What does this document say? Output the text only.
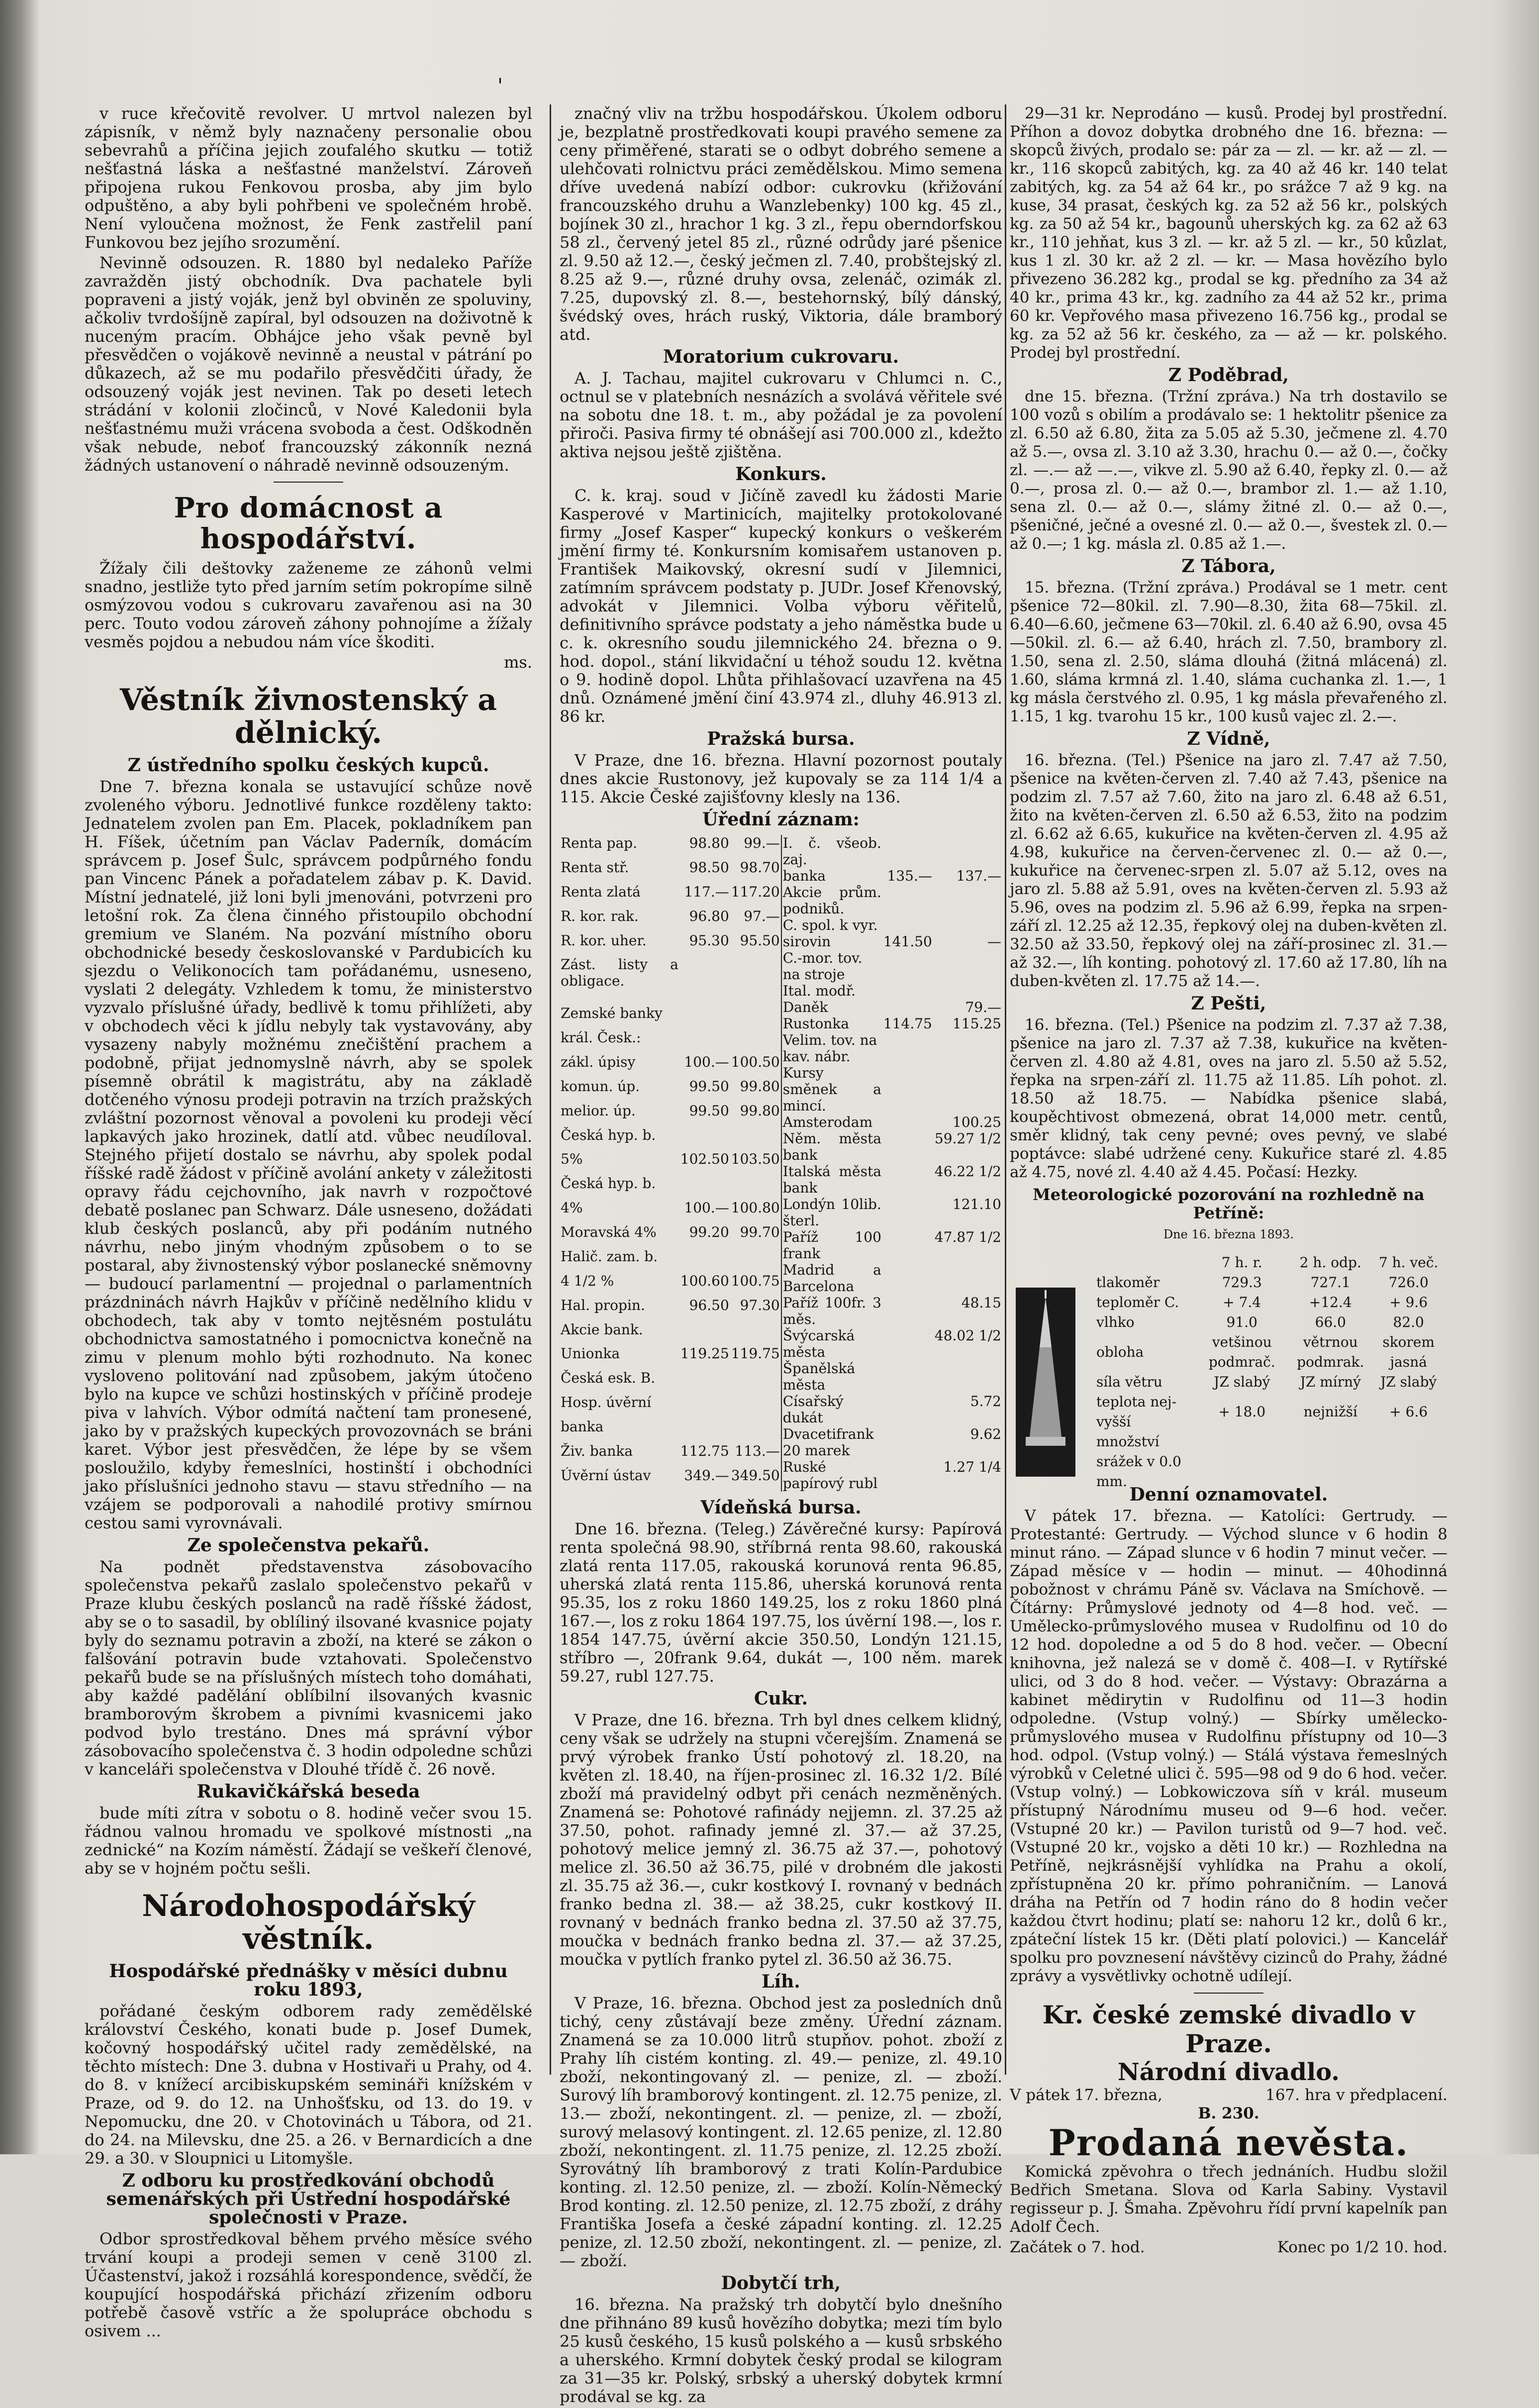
'

v ruce křečovitě revolver. U mrtvol nalezen byl zápisník, v němž byly naznačeny personalie obou sebevrahů a příčina jejich zoufalého skutku — totiž nešťastná láska a nešťastné manželství. Zároveň připojena rukou Fenkovou prosba, aby jim bylo odpuštěno, a aby byli pohřbeni ve společném hrobě. Není vyloučena možnost, že Fenk zastřelil paní Funkovou bez jejího srozumění.

Nevinně odsouzen. R. 1880 byl nedaleko Paříže zavražděn jistý obchodník. Dva pachatele byli popraveni a jistý voják, jenž byl obviněn ze spoluviny, ačkoliv tvrdošíjně zapíral, byl odsouzen na doživotně k nuceným pracím. Obhájce jeho však pevně byl přesvědčen o vojákově nevinně a neustal v pátrání po důkazech, až se mu podařilo přesvědčiti úřady, že odsouzený voják jest nevinen. Tak po deseti letech strádání v kolonii zločinců, v Nové Kaledonii byla nešťastnému muži vrácena svoboda a čest. Odškodněn však nebude, neboť francouzský zákonník nezná žádných ustanovení o náhradě nevinně odsouzeným.

Pro domácnost a hospodářství.

Žížaly čili deštovky zaženeme ze záhonů velmi snadno, jestliže tyto před jarním setím pokropíme silně osmýzovou vodou s cukrovaru zavařenou asi na 30 perc. Touto vodou zároveň záhony pohnojíme a žížaly vesměs pojdou a nebudou nám více škoditi.

ms.
Věstník živnostenský a dělnický.
Z ústředního spolku českých kupců.

Dne 7. března konala se ustavující schůze nově zvoleného výboru. Jednotlivé funkce rozděleny takto: Jednatelem zvolen pan Em. Placek, pokladníkem pan H. Fíšek, účetním pan Václav Paderník, domácím správcem p. Josef Šulc, správcem podpůrného fondu pan Vincenc Pánek a pořadatelem zábav p. K. David. Místní jednatelé, již loni byli jmenováni, potvrzeni pro letošní rok. Za člena činného přistoupilo obchodní gremium ve Slaném. Na pozvání místního oboru obchodnické besedy českoslovanské v Pardubicích ku sjezdu o Velikonocích tam pořádanému, usneseno, vyslati 2 delegáty. Vzhledem k tomu, že ministerstvo vyzvalo příslušné úřady, bedlivě k tomu přihlížeti, aby v obchodech věci k jídlu nebyly tak vystavovány, aby vysazeny nabyly možnému znečištění prachem a podobně, přijat jednomyslně návrh, aby se spolek písemně obrátil k magistrátu, aby na základě dotčeného výnosu prodeji potravin na trzích pražských zvláštní pozornost věnoval a povoleni ku prodeji věcí lapkavých jako hrozinek, datlí atd. vůbec neudíloval. Stejného přijetí dostalo se návrhu, aby spolek podal říšské radě žádost v příčině avolání ankety v záležitosti opravy řádu cejchovního, jak navrh v rozpočtové debatě poslanec pan Schwarz. Dále usneseno, dožádati klub českých poslanců, aby při podáním nutného návrhu, nebo jiným vhodným způsobem o to se postaral, aby živnostenský výbor poslanecké sněmovny — budoucí parlamentní — projednal o parlamentních prázdninách návrh Hajkův v příčině nedělního klidu v obchodech, tak aby v tomto nejtěsném postulátu obchodnictva samostatného i pomocnictva konečně na zimu v plenum mohlo býti rozhodnuto. Na konec vysloveno politování nad způsobem, jakým útočeno bylo na kupce ve schůzi hostinských v příčině prodeje piva v lahvích. Výbor odmítá načtení tam pronesené, jako by v pražských kupeckých provozovnách se bráni karet. Výbor jest přesvědčen, že lépe by se všem posloužilo, kdyby řemeslníci, hostinští i obchodníci jako příslušníci jednoho stavu — stavu středního — na vzájem se podporovali a nahodilé protivy smírnou cestou sami vyrovnávali.

Ze společenstva pekařů.

Na podnět představenstva zásobovacího společenstva pekařů zaslalo společenstvo pekařů v Praze klubu českých poslanců na radě říšské žádost, aby se o to sasadil, by oblíliný ilsované kvasnice pojaty byly do seznamu potravin a zboží, na které se zákon o falšování potravin bude vztahovati. Společenstvo pekařů bude se na příslušných místech toho domáhati, aby každé padělání oblíbilní ilsovaných kvasnic bramborovým škrobem a pivními kvasnicemi jako podvod bylo trestáno. Dnes má správní výbor zásobovacího společenstva č. 3 hodin odpoledne schůzi v kanceláři společenstva v Dlouhé třídě č. 26 nově.

Rukavičkářská beseda

bude míti zítra v sobotu o 8. hodině večer svou 15. řádnou valnou hromadu ve spolkové místnosti „na zednické“ na Kozím náměstí. Žádají se veškeří členové, aby se v hojném počtu sešli.

Národohospodářský věstník.
Hospodářské přednášky v měsíci dubnu roku 1893,

pořádané českým odborem rady zemědělské království Českého, konati bude p. Josef Dumek, kočovný hospodářský učitel rady zemědělské, na těchto místech: Dne 3. dubna v Hostivaři u Prahy, od 4. do 8. v knížecí arcibiskupském semináři knížském v Praze, od 9. do 12. na Unhošťsku, od 13. do 19. v Nepomucku, dne 20. v Chotovinách u Tábora, od 21. do 24. na Milevsku, dne 25. a 26. v Bernardicích a dne 29. a 30. v Sloupnici u Litomyšle.

Z odboru ku prostředkování obchodů semenářských při Ústřední hospodářské společnosti v Praze.

Odbor sprostředkoval během prvého měsíce svého trvání koupi a prodeji semen v ceně 3100 zl. Účastenství, jakož i rozsáhlá korespondence, svědčí, že koupující hospodářská přichází zřizením odboru potřebě časově vstříc a že spolupráce obchodu s osivem ...

značný vliv na tržbu hospodářskou. Úkolem odboru je, bezplatně prostředkovati koupi pravého semene za ceny přiměřené, starati se o odbyt dobrého semene a ulehčovati rolnictvu práci zemědělskou. Mimo semena dříve uvedená nabízí odbor: cukrovku (křižování francouzského druhu a Wanzlebenky) 100 kg. 45 zl., bojínek 30 zl., hrachor 1 kg. 3 zl., řepu oberndorfskou 58 zl., červený jetel 85 zl., různé odrůdy jaré pšenice zl. 9.50 až 12.—, český ječmen zl. 7.40, probštejský zl. 8.25 až 9.—, různé druhy ovsa, zelenáč, ozimák zl. 7.25, dupovský zl. 8.—, bestehornský, bílý dánský, švédský oves, hrách ruský, Viktoria, dále bramborý atd.

Moratorium cukrovaru.

A. J. Tachau, majitel cukrovaru v Chlumci n. C., octnul se v platebních nesnázích a svolává věřitele své na sobotu dne 18. t. m., aby požádal je za povolení přiroči. Pasiva firmy té obnášejí asi 700.000 zl., kdežto aktiva nejsou ještě zjištěna.

Konkurs.

C. k. kraj. soud v Jičíně zavedl ku žádosti Marie Kasperové v Martinicích, majitelky protokolované firmy „Josef Kasper“ kupecký konkurs o veškerém jmění firmy té. Konkursním komisařem ustanoven p. František Maikovský, okresní sudí v Jilemnici, zatímním správcem podstaty p. JUDr. Josef Křenovský, advokát v Jilemnici. Volba výboru věřitelů, definitivního správce podstaty a jeho náměstka bude u c. k. okresního soudu jilemnického 24. března o 9. hod. dopol., stání likvidační u téhož soudu 12. května o 9. hodině dopol. Lhůta přihlašovací uzavřena na 45 dnů. Oznámené jmění činí 43.974 zl., dluhy 46.913 zl. 86 kr.

Pražská bursa.

V Praze, dne 16. března. Hlavní pozornost poutaly dnes akcie Rustonovy, jež kupovaly se za 114 1/4 a 115. Akcie České zajišťovny klesly na 136.

Úřední záznam:
Renta pap.	98.80	99.—
Renta stř.	98.50	98.70
Renta zlatá	117.—	117.20
R. kor. rak.	96.80	97.—
R. kor. uher.	95.30	95.50
Zást. listy a obligace.		
Zemské banky		
král. Česk.:		
zákl. úpisy	100.—	100.50
komun. úp.	99.50	99.80
melior. úp.	99.50	99.80
Česká hyp. b.		
5%	102.50	103.50
Česká hyp. b.		
4%	100.—	100.80
Moravská 4%	99.20	99.70
Halič. zam. b.		
4 1/2 %	100.60	100.75
Hal. propin.	96.50	97.30
Akcie bank.		
Unionka	119.25	119.75
Česká esk. B.		
Hosp. úvěrní		
banka		
Živ. banka	112.75	113.—
Úvěrní ústav	349.—	349.50
I. č. všeob. zaj.		
banka	135.—	137.—
Akcie prům. podniků.		
C. spol. k vyr.		
sirovin	141.50	—
C.-mor. tov.		
na stroje		
Ital. modř.		
Daněk		79.—
Rustonka	114.75	115.25
Velim. tov. na		
kav. nábr.		
Kursy směnek a mincí.		
Amsterodam		100.25
Něm. města bank		59.27 1/2
Italská města bank		46.22 1/2
Londýn 10lib. šterl.		121.10
Paříž 100 frank		47.87 1/2
Madrid a Barcelona		
Paříž 100fr. 3 měs.		48.15
Švýcarská města		48.02 1/2
Španělská města		
Císařský dukát		5.72
Dvacetifrank		9.62
20 marek		
Ruské papírový rubl		1.27 1/4
Vídeňská bursa.

Dne 16. března. (Teleg.) Závěrečné kursy: Papírová renta společná 98.90, stříbrná renta 98.60, rakouská zlatá renta 117.05, rakouská korunová renta 96.85, uherská zlatá renta 115.86, uherská korunová renta 95.35, los z roku 1860 149.25, los z roku 1860 plná 167.—, los z roku 1864 197.75, los úvěrní 198.—, los r. 1854 147.75, úvěrní akcie 350.50, Londýn 121.15, stříbro —, 20frank 9.64, dukát —, 100 něm. marek 59.27, rubl 127.75.

Cukr.

V Praze, dne 16. března. Trh byl dnes celkem klidný, ceny však se udržely na stupni včerejším. Znamená se prvý výrobek franko Ústí pohotový zl. 18.20, na květen zl. 18.40, na říjen-prosinec zl. 16.32 1/2. Bílé zboží má pravidelný odbyt při cenách nezměněných. Znamená se: Pohotové rafinády nejjemn. zl. 37.25 až 37.50, pohot. rafinady jemné zl. 37.— až 37.25, pohotový melice jemný zl. 36.75 až 37.—, pohotový melice zl. 36.50 až 36.75, pilé v drobném dle jakosti zl. 35.75 až 36.—, cukr kostkový I. rovnaný v bednách franko bedna zl. 38.— až 38.25, cukr kostkový II. rovnaný v bednách franko bedna zl. 37.50 až 37.75, moučka v bednách franko bedna zl. 37.— až 37.25, moučka v pytlích franko pytel zl. 36.50 až 36.75.

Líh.

V Praze, 16. března. Obchod jest za posledních dnů tichý, ceny zůstávají beze změny. Úřední záznam. Znamená se za 10.000 litrů stupňov. pohot. zboží z Prahy líh cistém konting. zl. 49.— penize, zl. 49.10 zboží, nekontingovaný zl. — penize, zl. — zboží. Surový líh bramborový kontingent. zl. 12.75 penize, zl. 13.— zboží, nekontingent. zl. — penize, zl. — zboží, surový melasový kontingent. zl. 12.65 penize, zl. 12.80 zboží, nekontingent. zl. 11.75 penize, zl. 12.25 zboží. Syrovátný líh bramborový z trati Kolín-Pardubice konting. zl. 12.50 penize, zl. — zboží. Kolín-Německý Brod konting. zl. 12.50 penize, zl. 12.75 zboží, z dráhy Františka Josefa a české západní konting. zl. 12.25 penize, zl. 12.50 zboží, nekontingent. zl. — penize, zl. — zboží.

Dobytčí trh,

16. března. Na pražský trh dobytčí bylo dnešního dne přihnáno 89 kusů hovězího dobytka; mezi tím bylo 25 kusů českého, 15 kusů polského a — kusů srbského a uherského. Krmní dobytek český prodal se kilogram za 31—35 kr. Polský, srbský a uherský dobytek krmní prodával se kg. za

29—31 kr. Neprodáno — kusů. Prodej byl prostřední. Příhon a dovoz dobytka drobného dne 16. března: — skopců živých, prodalo se: pár za — zl. — kr. až — zl. — kr., 116 skopců zabitých, kg. za 40 až 46 kr. 140 telat zabitých, kg. za 54 až 64 kr., po srážce 7 až 9 kg. na kuse, 34 prasat, českých kg. za 52 až 56 kr., polských kg. za 50 až 54 kr., bagounů uherských kg. za 62 až 63 kr., 110 jehňat, kus 3 zl. — kr. až 5 zl. — kr., 50 kůzlat, kus 1 zl. 30 kr. až 2 zl. — kr. — Masa hovězího bylo přivezeno 36.282 kg., prodal se kg. předního za 34 až 40 kr., prima 43 kr., kg. zadního za 44 až 52 kr., prima 60 kr. Vepřového masa přivezeno 16.756 kg., prodal se kg. za 52 až 56 kr. českého, za — až — kr. polského. Prodej byl prostřední.

Z Poděbrad,

dne 15. března. (Tržní zpráva.) Na trh dostavilo se 100 vozů s obilím a prodávalo se: 1 hektolitr pšenice za zl. 6.50 až 6.80, žita za 5.05 až 5.30, ječmene zl. 4.70 až 5.—, ovsa zl. 3.10 až 3.30, hrachu 0.— až 0.—, čočky zl. —.— až —.—, vikve zl. 5.90 až 6.40, řepky zl. 0.— až 0.—, prosa zl. 0.— až 0.—, brambor zl. 1.— až 1.10, sena zl. 0.— až 0.—, slámy žitné zl. 0.— až 0.—, pšeničné, ječné a ovesné zl. 0.— až 0.—, švestek zl. 0.— až 0.—; 1 kg. másla zl. 0.85 až 1.—.

Z Tábora,

15. března. (Tržní zpráva.) Prodával se 1 metr. cent pšenice 72—80kil. zl. 7.90—8.30, žita 68—75kil. zl. 6.40—6.60, ječmene 63—70kil. zl. 6.40 až 6.90, ovsa 45—50kil. zl. 6.— až 6.40, hrách zl. 7.50, brambory zl. 1.50, sena zl. 2.50, sláma dlouhá (žitná mlácená) zl. 1.60, sláma krmná zl. 1.40, sláma cuchanka zl. 1.—, 1 kg másla čerstvého zl. 0.95, 1 kg másla převařeného zl. 1.15, 1 kg. tvarohu 15 kr., 100 kusů vajec zl. 2.—.

Z Vídně,

16. března. (Tel.) Pšenice na jaro zl. 7.47 až 7.50, pšenice na květen-červen zl. 7.40 až 7.43, pšenice na podzim zl. 7.57 až 7.60, žito na jaro zl. 6.48 až 6.51, žito na květen-červen zl. 6.50 až 6.53, žito na podzim zl. 6.62 až 6.65, kukuřice na květen-červen zl. 4.95 až 4.98, kukuřice na červen-červenec zl. 0.— až 0.—, kukuřice na červenec-srpen zl. 5.07 až 5.12, oves na jaro zl. 5.88 až 5.91, oves na květen-červen zl. 5.93 až 5.96, oves na podzim zl. 5.96 až 6.99, řepka na srpen-září zl. 12.25 až 12.35, řepkový olej na duben-květen zl. 32.50 až 33.50, řepkový olej na září-prosinec zl. 31.— až 32.—, líh konting. pohotový zl. 17.60 až 17.80, líh na duben-květen zl. 17.75 až 14.—.

Z Pešti,

16. března. (Tel.) Pšenice na podzim zl. 7.37 až 7.38, pšenice na jaro zl. 7.37 až 7.38, kukuřice na květen-červen zl. 4.80 až 4.81, oves na jaro zl. 5.50 až 5.52, řepka na srpen-září zl. 11.75 až 11.85. Líh pohot. zl. 18.50 až 18.75. — Nabídka pšenice slabá, koupěchtivost obmezená, obrat 14,000 metr. centů, směr klidný, tak ceny pevné; oves pevný, ve slabé poptávce: slabé udržené ceny. Kukuřice staré zl. 4.85 až 4.75, nové zl. 4.40 až 4.45. Počasí: Hezky.

Meteorologické pozorování na rozhledně na Petříně:
Dne 16. března 1893.
	7 h. r.	2 h. odp.	7 h. več.
tlakoměr	729.3	727.1	726.0
teploměr C.	+ 7.4	+12.4	+ 9.6
vlhko	91.0	66.0	82.0
obloha	vetšinou podmrač.	větrnou podmrak.	skorem jasná
síla větru	JZ slabý	JZ mírný	JZ slabý
teplota nej-vyšší	+ 18.0	nejnižší	+ 6.6
množství srážek v 0.0 mm.			
Denní oznamovatel.

V pátek 17. března. — Katolíci: Gertrudy. — Protestanté: Gertrudy. — Východ slunce v 6 hodin 8 minut ráno. — Západ slunce v 6 hodin 7 minut večer. — Západ měsíce v — hodin — minut. — 40hodinná pobožnost v chrámu Páně sv. Václava na Smíchově. — Čítárny: Průmyslové jednoty od 4—8 hod. več. — Umělecko-průmyslového musea v Rudolfinu od 10 do 12 hod. dopoledne a od 5 do 8 hod. večer. — Obecní knihovna, jež nalezá se v domě č. 408—I. v Rytířské ulici, od 3 do 8 hod. večer. — Výstavy: Obrazárna a kabinet mědirytin v Rudolfinu od 11—3 hodin odpoledne. (Vstup volný.) — Sbírky umělecko-průmyslového musea v Rudolfinu přístupny od 10—3 hod. odpol. (Vstup volný.) — Stálá výstava řemeslných výrobků v Celetné ulici č. 595—98 od 9 do 6 hod. večer. (Vstup volný.) — Lobkowiczova síň v král. museum přístupný Národnímu museu od 9—6 hod. večer. (Vstupné 20 kr.) — Pavilon turistů od 9—7 hod. več. (Vstupné 20 kr., vojsko a děti 10 kr.) — Rozhledna na Petříně, nejkrásnější vyhlídka na Prahu a okolí, zpřístupněna 20 kr. přímo pohraničním. — Lanová dráha na Petřín od 7 hodin ráno do 8 hodin večer každou čtvrt hodinu; platí se: nahoru 12 kr., dolů 6 kr., zpáteční lístek 15 kr. (Děti platí polovici.) — Kancelář spolku pro povznesení návštěvy cizinců do Prahy, žádné zprávy a vysvětlivky ochotně udílejí.

Kr. české zemské divadlo v Praze.
Národní divadlo.
V pátek 17. března,	167. hra v předplacení.
B. 230.
Prodaná nevěsta.

Komická zpěvohra o třech jednáních. Hudbu složil Bedřich Smetana. Slova od Karla Sabiny. Vystavil regisseur p. J. Šmaha. Zpěvohru řídí první kapelník pan Adolf Čech.

Začátek o 7. hod.	Konec po 1/2 10. hod.
